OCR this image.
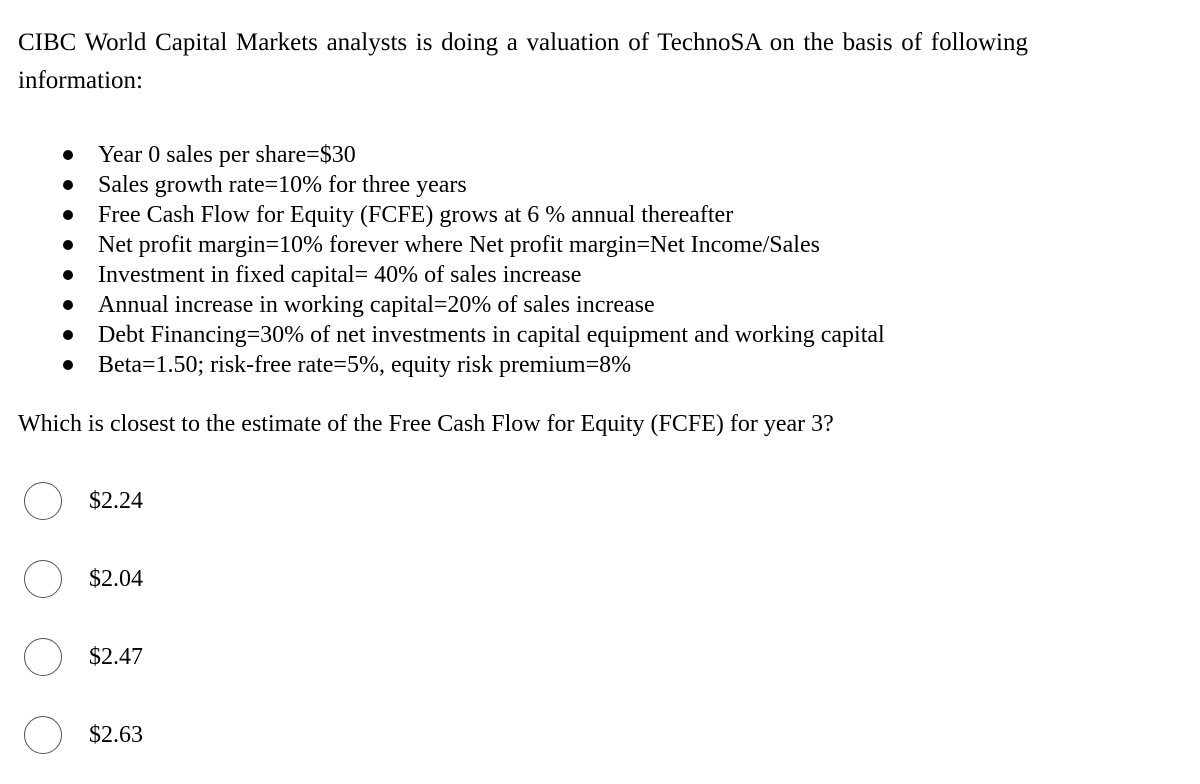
CIBC World Capital Markets analysts is doing a valuation of TechnoSA on the basis of following information:

Year 0 sales per share=$30
Sales growth rate=10% for three years
Free Cash Flow for Equity (FCFE) grows at 6 % annual thereafter
Net profit margin=10% forever where Net profit margin=Net Income/Sales
Investment in fixed capital= 40% of sales increase
Annual increase in working capital=20% of sales increase
Debt Financing=30% of net investments in capital equipment and working capital
Beta=1.50; risk-free rate=5%, equity risk premium=8%

Which is closest to the estimate of the Free Cash Flow for Equity (FCFE) for year 3?

$2.24
$2.04
$2.47
$2.63
